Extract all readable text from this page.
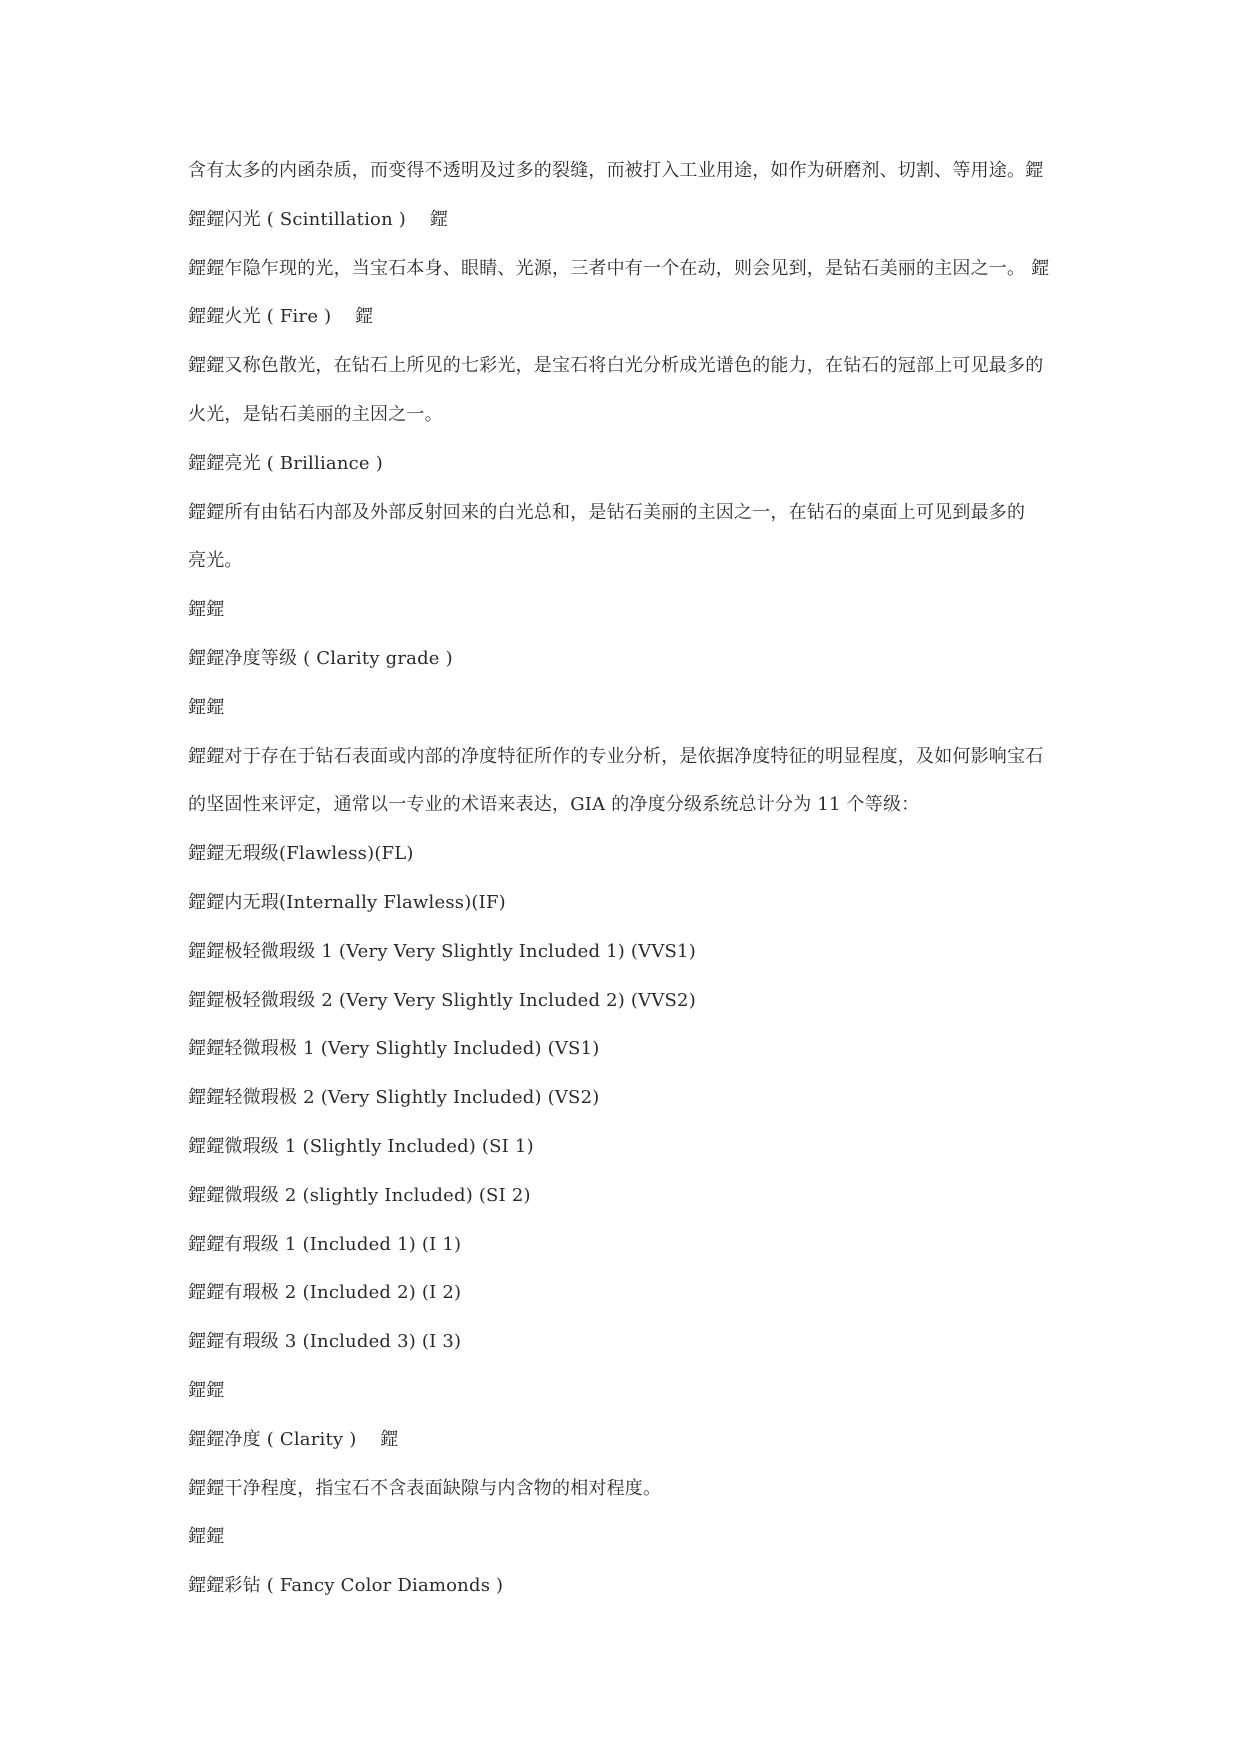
含有太多的内函杂质，而变得不透明及过多的裂缝，而被打入工业用途，如作为研磨剂、切割、等用途。鎠
鎠鎠闪光 ( Scintillation )    鎠
鎠鎠乍隐乍现的光，当宝石本身、眼睛、光源，三者中有一个在动，则会见到，是钻石美丽的主因之一。 鎠
鎠鎠火光 ( Fire )    鎠
鎠鎠又称色散光，在钻石上所见的七彩光，是宝石将白光分析成光谱色的能力，在钻石的冠部上可见最多的
火光，是钻石美丽的主因之一。
鎠鎠亮光 ( Brilliance )
鎠鎠所有由钻石内部及外部反射回来的白光总和，是钻石美丽的主因之一，在钻石的桌面上可见到最多的
亮光。
鎠鎠
鎠鎠净度等级 ( Clarity grade )
鎠鎠
鎠鎠对于存在于钻石表面或内部的净度特征所作的专业分析，是依据净度特征的明显程度，及如何影响宝石
的坚固性来评定，通常以一专业的术语来表达，GIA 的净度分级系统总计分为 11 个等级：
鎠鎠无瑕级(Flawless)(FL)
鎠鎠内无瑕(Internally Flawless)(IF)
鎠鎠极轻微瑕级 1 (Very Very Slightly Included 1) (VVS1)
鎠鎠极轻微瑕级 2 (Very Very Slightly Included 2) (VVS2)
鎠鎠轻微瑕极 1 (Very Slightly Included) (VS1)
鎠鎠轻微瑕极 2 (Very Slightly Included) (VS2)
鎠鎠微瑕级 1 (Slightly Included) (SI 1)
鎠鎠微瑕级 2 (slightly Included) (SI 2)
鎠鎠有瑕级 1 (Included 1) (I 1)
鎠鎠有瑕极 2 (Included 2) (I 2)
鎠鎠有瑕级 3 (Included 3) (I 3)
鎠鎠
鎠鎠净度 ( Clarity )    鎠
鎠鎠干净程度，指宝石不含表面缺隙与内含物的相对程度。
鎠鎠
鎠鎠彩钻 ( Fancy Color Diamonds )
